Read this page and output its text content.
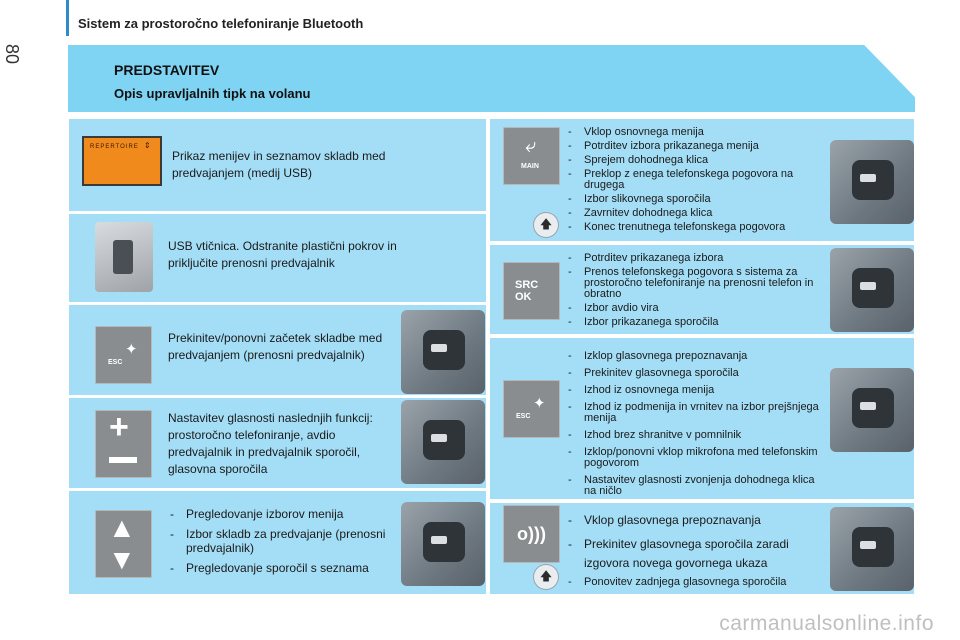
Sistem za prostoročno telefoniranje Bluetooth
80
PREDSTAVITEV
Opis upravljalnih tipk na volanu
REPERTOIRE ⇕
Prikaz menijev in seznamov skladb med predvajanjem (medij USB)
USB vtičnica. Odstranite plastični pokrov in priključite prenosni predvajalnik
ESC
✦
Prekinitev/ponovni začetek skladbe med predvajanjem (prenosni predvajalnik)
+	Nastavitev glasnosti naslednjih funkcij: prostoročno telefoniranje, avdio predvajalnik in predvajalnik sporočil, glasovna sporočila
▲
▼
- Pregledovanje izborov menija
- Izbor skladb za predvajanje (prenosni predvajalnik)
- Pregledovanje sporočil s seznama
⤶
MAIN
- Vklop osnovnega menija
- Potrditev izbora prikazanega menija
- Sprejem dohodnega klica
- Preklop z enega telefonskega pogovora na drugega
- Izbor slikovnega sporočila
- Zavrnitev dohodnega klica
- Konec trenutnega telefonskega pogovora
🡅
SRC OK
- Potrditev prikazanega izbora
- Prenos telefonskega pogovora s sistema za prostoročno telefoniranje na prenosni telefon in obratno
- Izbor avdio vira
- Izbor prikazanega sporočila
ESC
✦
- Izklop glasovnega prepoznavanja
- Prekinitev glasovnega sporočila
- Izhod iz osnovnega menija
- Izhod iz podmenija in vrnitev na izbor prejšnjega menija
- Izhod brez shranitve v pomnilnik
- Izklop/ponovni vklop mikrofona med telefonskim pogovorom
- Nastavitev glasnosti zvonjenja dohodnega klica na ničlo
o)))
- Vklop glasovnega prepoznavanja
- Prekinitev glasovnega sporočila zaradi izgovora novega govornega ukaza
- Ponovitev zadnjega glasovnega sporočila
🡅
carmanualsonline.info
